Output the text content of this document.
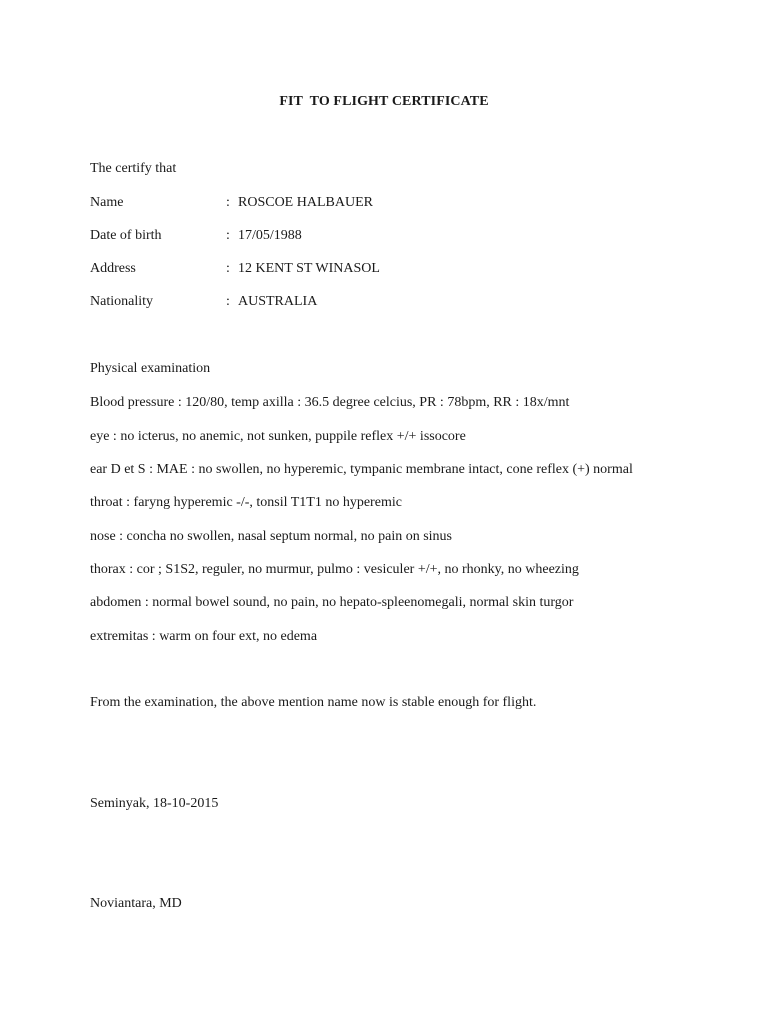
FIT  TO FLIGHT CERTIFICATE
The certify that
Name	: ROSCOE HALBAUER
Date of birth	: 17/05/1988
Address	: 12 KENT ST WINASOL
Nationality	: AUSTRALIA
Physical examination
Blood pressure : 120/80, temp axilla : 36.5 degree celcius, PR : 78bpm, RR : 18x/mnt
eye : no icterus, no anemic, not sunken, puppile reflex +/+ issocore
ear D et S : MAE : no swollen, no hyperemic, tympanic membrane intact, cone reflex (+) normal
throat : faryng hyperemic -/-, tonsil T1T1 no hyperemic
nose : concha no swollen, nasal septum normal, no pain on sinus
thorax : cor ; S1S2, reguler, no murmur, pulmo : vesiculer +/+, no rhonky, no wheezing
abdomen : normal bowel sound, no pain, no hepato-spleenomegali, normal skin turgor
extremitas : warm on four ext, no edema
From the examination, the above mention name now is stable enough for flight.
Seminyak, 18-10-2015
Noviantara, MD
